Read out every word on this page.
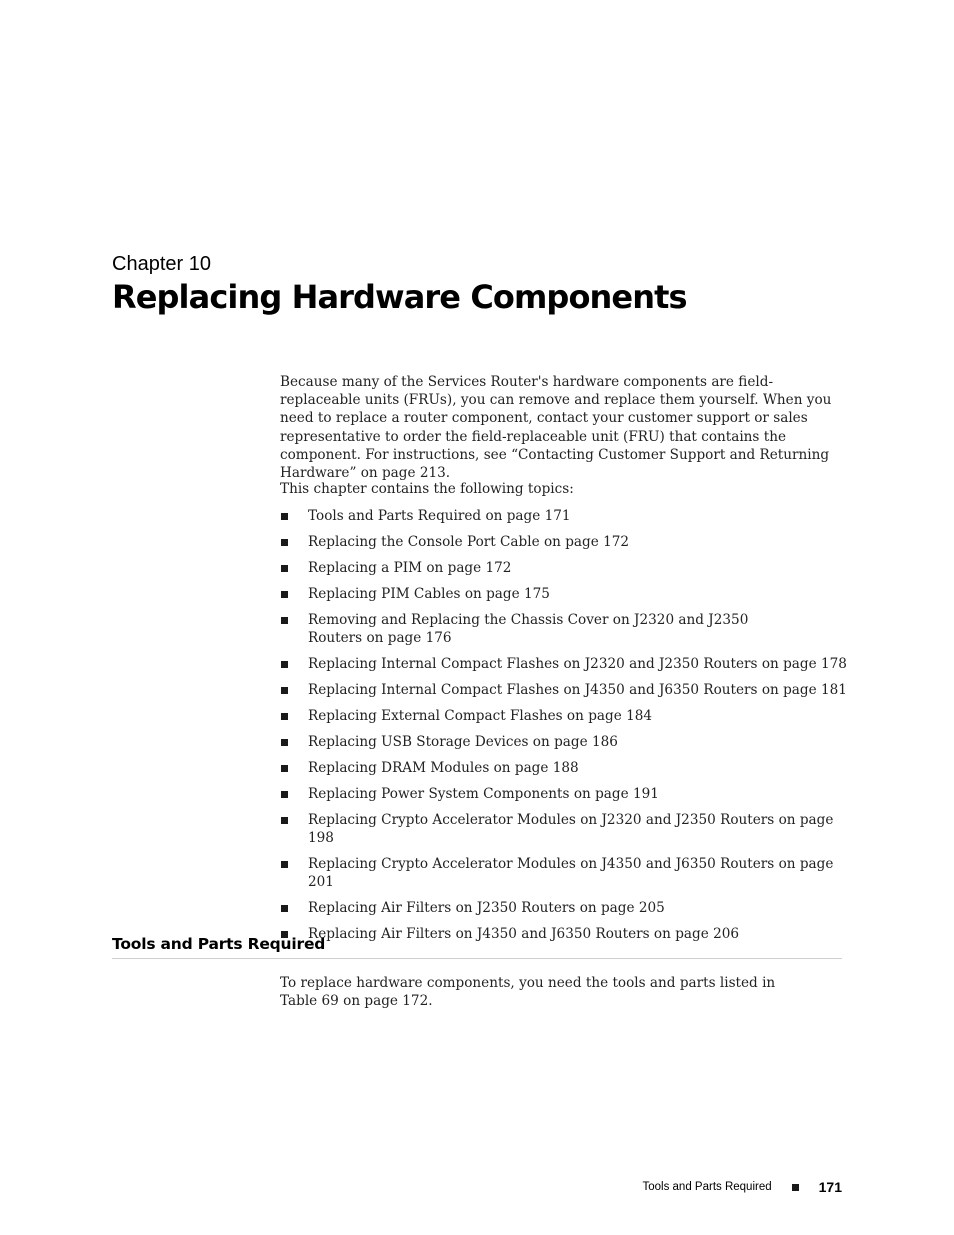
Chapter 10
Replacing Hardware Components

Because many of the Services Router's hardware components are field-replaceable units (FRUs), you can remove and replace them yourself. When you need to replace a router component, contact your customer support or sales representative to order the field-replaceable unit (FRU) that contains the component. For instructions, see “Contacting Customer Support and Returning Hardware” on page 213.

This chapter contains the following topics:

Tools and Parts Required on page 171
Replacing the Console Port Cable on page 172
Replacing a PIM on page 172
Replacing PIM Cables on page 175
Removing and Replacing the Chassis Cover on J2320 and J2350
Routers on page 176
Replacing Internal Compact Flashes on J2320 and J2350 Routers on page 178
Replacing Internal Compact Flashes on J4350 and J6350 Routers on page 181
Replacing External Compact Flashes on page 184
Replacing USB Storage Devices on page 186
Replacing DRAM Modules on page 188
Replacing Power System Components on page 191
Replacing Crypto Accelerator Modules on J2320 and J2350 Routers on page 198
Replacing Crypto Accelerator Modules on J4350 and J6350 Routers on page 201
Replacing Air Filters on J2350 Routers on page 205
Replacing Air Filters on J4350 and J6350 Routers on page 206
Tools and Parts Required

To replace hardware components, you need the tools and parts listed in
Table 69 on page 172.

Tools and Parts Required	171
